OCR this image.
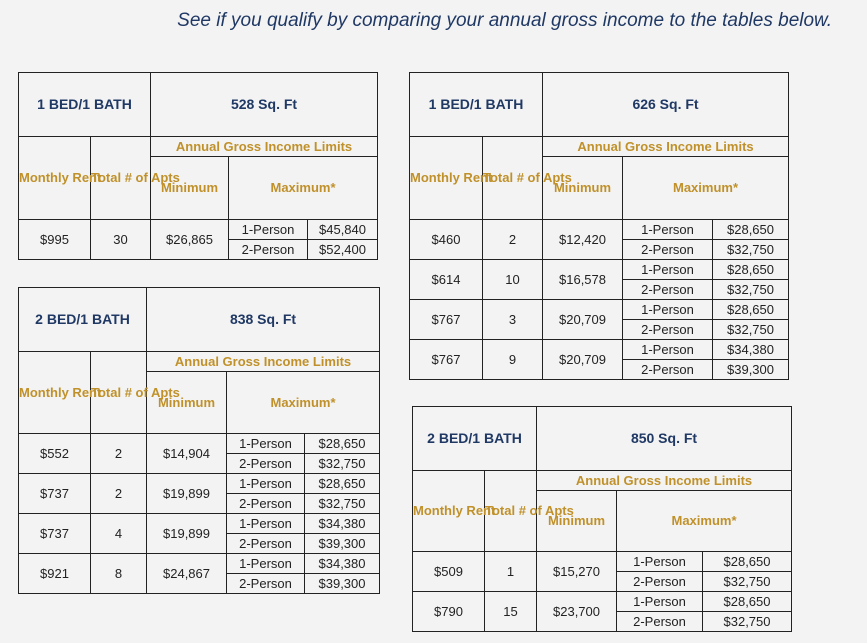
See if you qualify by comparing your annual gross income to the tables below.
1 BED/1 BATH		528 Sq. Ft		
Monthly Rent	Total # of Apts	Annual Gross Income Limits		
		Minimum	Maximum*	
$995	30	$26,865	1-Person	$45,840
			2-Person	$52,400
2 BED/1 BATH		838 Sq. Ft		
Monthly Rent	Total # of Apts	Annual Gross Income Limits		
		Minimum	Maximum*	
$552	2	$14,904	1-Person	$28,650
			2-Person	$32,750
$737	2	$19,899	1-Person	$28,650
			2-Person	$32,750
$737	4	$19,899	1-Person	$34,380
			2-Person	$39,300
$921	8	$24,867	1-Person	$34,380
			2-Person	$39,300
1 BED/1 BATH		626 Sq. Ft		
Monthly Rent	Total # of Apts	Annual Gross Income Limits		
		Minimum	Maximum*	
$460	2	$12,420	1-Person	$28,650
			2-Person	$32,750
$614	10	$16,578	1-Person	$28,650
			2-Person	$32,750
$767	3	$20,709	1-Person	$28,650
			2-Person	$32,750
$767	9	$20,709	1-Person	$34,380
			2-Person	$39,300
2 BED/1 BATH		850 Sq. Ft		
Monthly Rent	Total # of Apts	Annual Gross Income Limits		
		Minimum	Maximum*	
$509	1	$15,270	1-Person	$28,650
			2-Person	$32,750
$790	15	$23,700	1-Person	$28,650
			2-Person	$32,750
